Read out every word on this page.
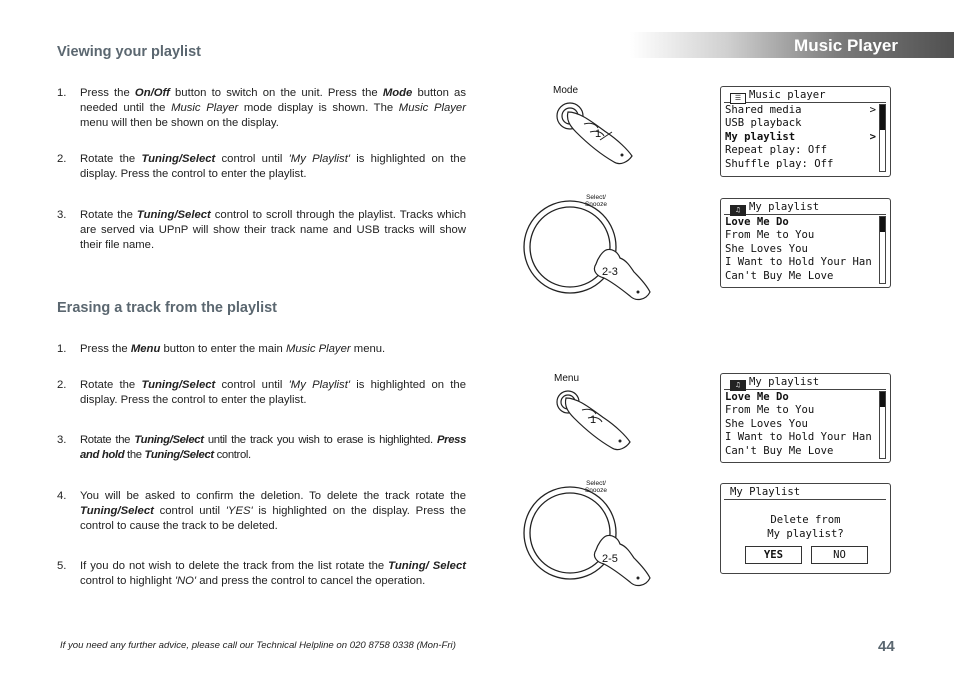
Music Player
Viewing your playlist
1.	Press the On/Off button to switch on the unit. Press the Mode button as needed until the Music Player mode display is shown. The Music Player menu will then be shown on the display.
2.	Rotate the Tuning/Select control until 'My Playlist' is highlighted on the display. Press the control to enter the playlist.
3.	Rotate the Tuning/Select control to scroll through the playlist. Tracks which are served via UPnP will show their track name and USB tracks will show their file name.
Erasing a track from the playlist
1.	Press the Menu button to enter the main Music Player menu.
2.	Rotate the Tuning/Select control until 'My Playlist' is highlighted on the display. Press the control to enter the playlist.
3.	Rotate the Tuning/Select until the track you wish to erase is highlighted. Press and hold the Tuning/Select control.
4.	You will be asked to confirm the deletion. To delete the track rotate the Tuning/Select control until 'YES' is highlighted on the display. Press the control to cause the track to be deleted.
5.	If you do not wish to delete the track from the list rotate the Tuning/ Select control to highlight 'NO' and press the control to cancel the operation.
Mode
1
Select/
Snooze
2-3
Menu
1
Select/
Snooze
2-5
☰ Music player
Shared media	>
USB playback
My playlist	>
Repeat play: Off
Shuffle play: Off
♫ My playlist
Love Me Do
From Me to You
She Loves You
I Want to Hold Your Han
Can't Buy Me Love
♫ My playlist
Love Me Do
From Me to You
She Loves You
I Want to Hold Your Han
Can't Buy Me Love
My Playlist
Delete from
My playlist?
YES	NO
If you need any further advice, please call our Technical Helpline on 020 8758 0338 (Mon-Fri)	44
